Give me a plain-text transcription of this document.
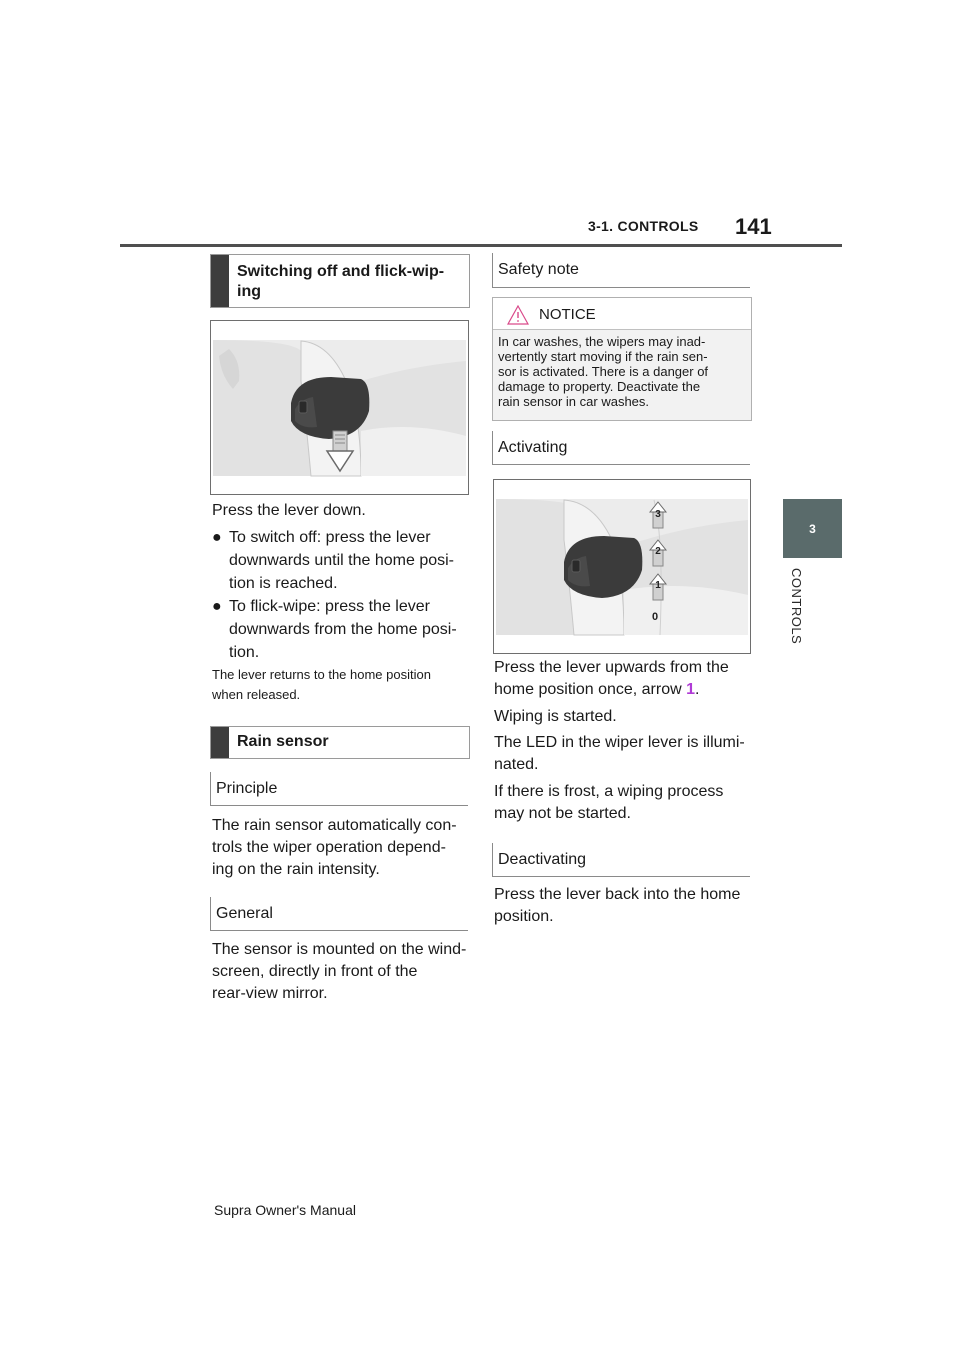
3-1. CONTROLS 141
3
CONTROLS
Switching off and flick-wip-ing
Press the lever down.
● To switch off: press the lever
downwards until the home posi-
tion is reached.
● To flick-wipe: press the lever
downwards from the home posi-
tion.
The lever returns to the home position
when released.
Rain sensor
Principle
The rain sensor automatically con-
trols the wiper operation depend-
ing on the rain intensity.
General
The sensor is mounted on the wind-
screen, directly in front of the
rear-view mirror.
Safety note
NOTICE
In car washes, the wipers may inad-
vertently start moving if the rain sen-
sor is activated. There is a danger of
damage to property. Deactivate the
rain sensor in car washes.
Activating
3
2
1
0
Press the lever upwards from the
home position once, arrow 1.
Wiping is started.
The LED in the wiper lever is illumi-
nated.
If there is frost, a wiping process
may not be started.
Deactivating
Press the lever back into the home
position.
Supra Owner's Manual
